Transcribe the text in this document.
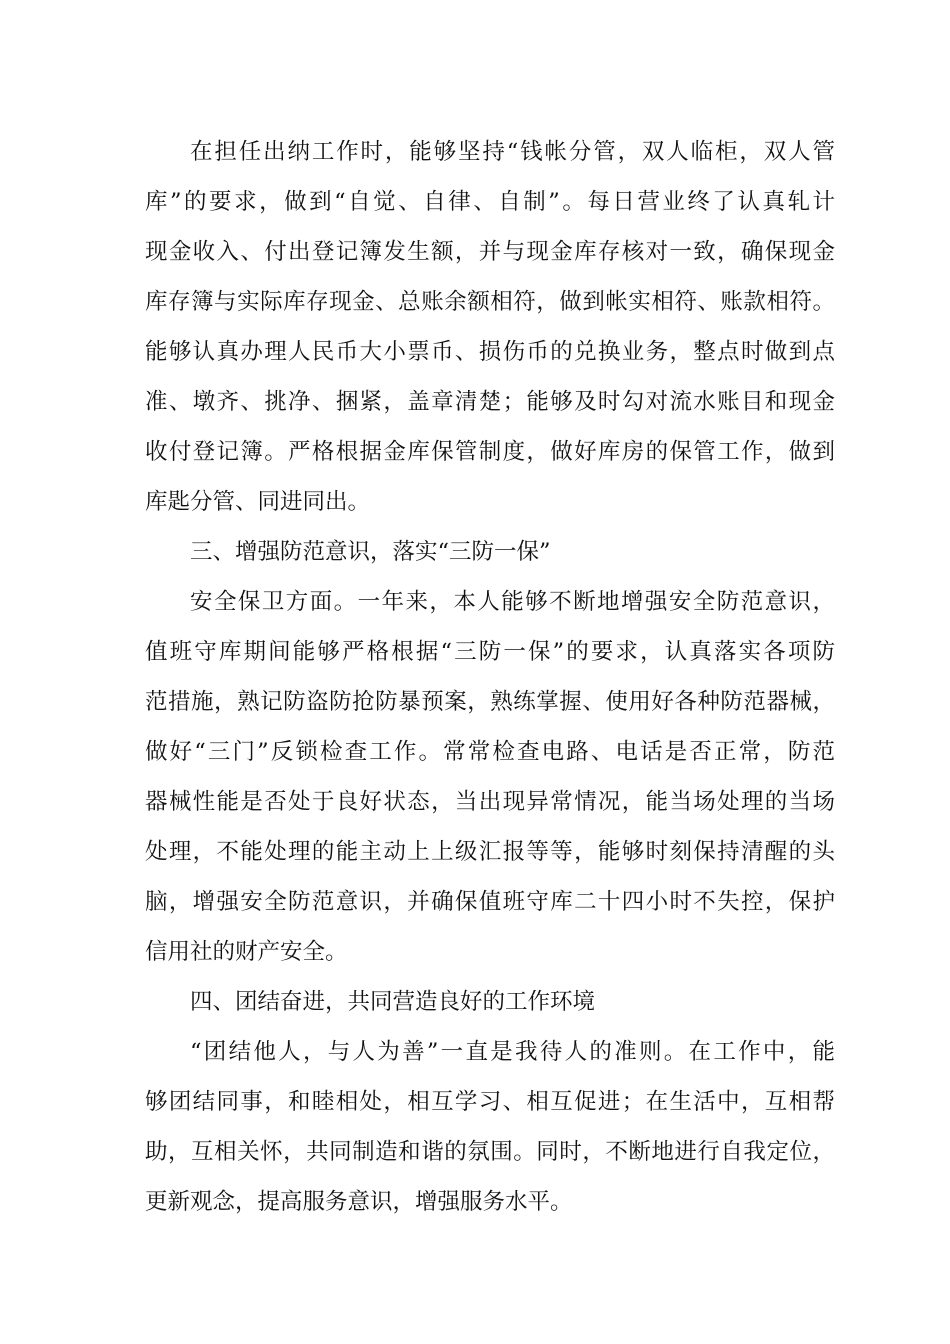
在担任出纳工作时，能够坚持“钱帐分管，双人临柜，双人管
库”的要求，做到“自觉、自律、自制”。每日营业终了认真轧计
现金收入、付出登记簿发生额，并与现金库存核对一致，确保现金
库存簿与实际库存现金、总账余额相符，做到帐实相符、账款相符。
能够认真办理人民币大小票币、损伤币的兑换业务，整点时做到点
准、墩齐、挑净、捆紧，盖章清楚；能够及时勾对流水账目和现金
收付登记簿。严格根据金库保管制度，做好库房的保管工作，做到
库匙分管、同进同出。
三、增强防范意识，落实“三防一保”
安全保卫方面。一年来，本人能够不断地增强安全防范意识，
值班守库期间能够严格根据“三防一保”的要求，认真落实各项防
范措施，熟记防盗防抢防暴预案，熟练掌握、使用好各种防范器械，
做好“三门”反锁检查工作。常常检查电路、电话是否正常，防范
器械性能是否处于良好状态，当出现异常情况，能当场处理的当场
处理，不能处理的能主动上上级汇报等等，能够时刻保持清醒的头
脑，增强安全防范意识，并确保值班守库二十四小时不失控，保护
信用社的财产安全。
四、团结奋进，共同营造良好的工作环境
“团结他人，与人为善”一直是我待人的准则。在工作中，能
够团结同事，和睦相处，相互学习、相互促进；在生活中，互相帮
助，互相关怀，共同制造和谐的氛围。同时，不断地进行自我定位，
更新观念，提高服务意识，增强服务水平。
